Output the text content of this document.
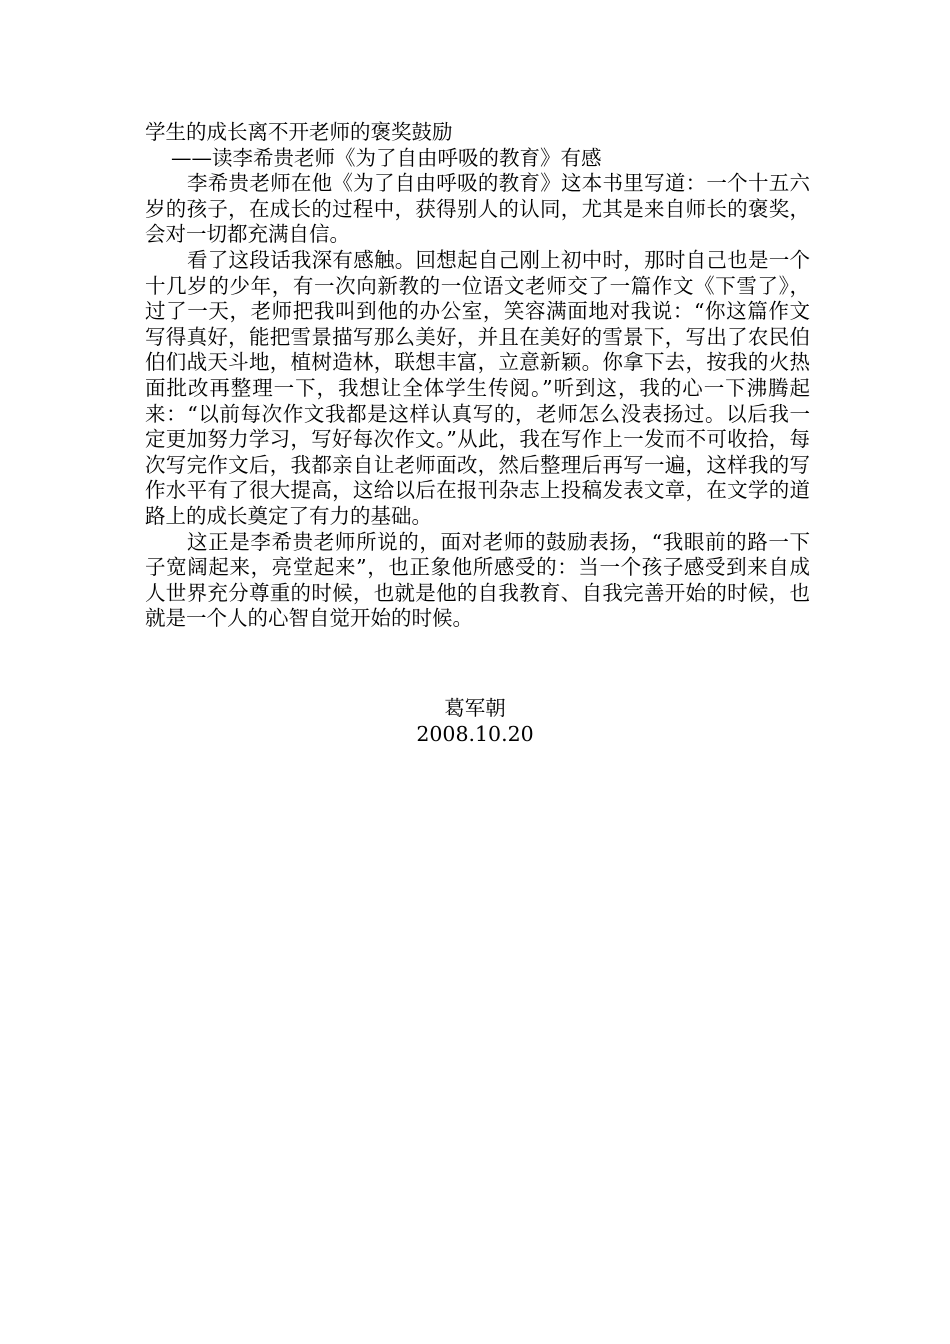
学生的成长离不开老师的褒奖鼓励
——读李希贵老师《为了自由呼吸的教育》有感

李希贵老师在他《为了自由呼吸的教育》这本书里写道：一个十五六岁的孩子，在成长的过程中，获得别人的认同，尤其是来自师长的褒奖，会对一切都充满自信。

看了这段话我深有感触。回想起自己刚上初中时，那时自己也是一个十几岁的少年，有一次向新教的一位语文老师交了一篇作文《下雪了》，过了一天，老师把我叫到他的办公室，笑容满面地对我说：“你这篇作文写得真好，能把雪景描写那么美好，并且在美好的雪景下，写出了农民伯伯们战天斗地，植树造林，联想丰富，立意新颖。你拿下去，按我的火热面批改再整理一下，我想让全体学生传阅。”听到这，我的心一下沸腾起来：“以前每次作文我都是这样认真写的，老师怎么没表扬过。以后我一定更加努力学习，写好每次作文。”从此，我在写作上一发而不可收拾，每次写完作文后，我都亲自让老师面改，然后整理后再写一遍，这样我的写作水平有了很大提高，这给以后在报刊杂志上投稿发表文章，在文学的道路上的成长奠定了有力的基础。

这正是李希贵老师所说的，面对老师的鼓励表扬，“我眼前的路一下子宽阔起来，亮堂起来”，也正象他所感受的：当一个孩子感受到来自成人世界充分尊重的时候，也就是他的自我教育、自我完善开始的时候，也就是一个人的心智自觉开始的时候。

葛军朝
2008.10.20
